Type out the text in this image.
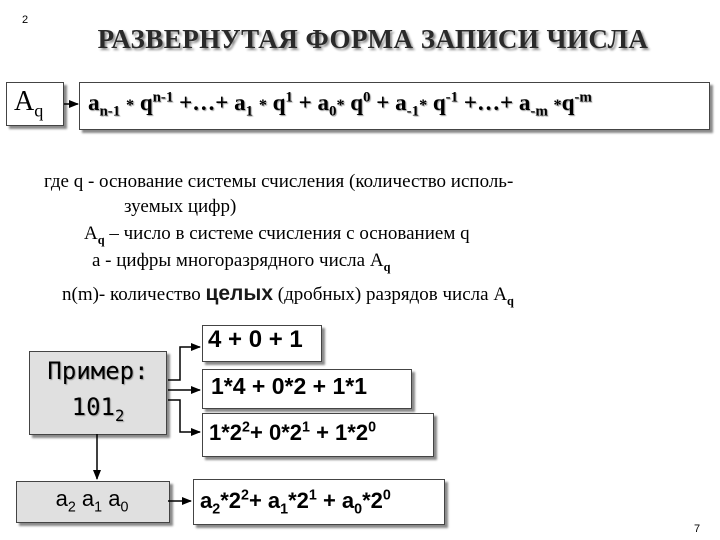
2
РАЗВЕРНУТАЯ ФОРМА ЗАПИСИ ЧИСЛА
$A_q$ $a_{n-1} * q^{n-1}$ +…+ $a_1 * q^1 + a_0*$ $q^0 + a_{-1}*$ $q^{-1}$ +…+ $a_{-m}$ $*q^{-m}$
где q - основание системы счисления (количество исполь-
зуемых цифр)
$A_q$ – число в системе счисления с основанием q
a - цифры многоразрядного числа $A_q$
n(m)- количество целых (дробных) разрядов числа $A_q$
Пример:
$101_2$
$a_2$ $a_1$ $a_0$
4 + 0 + 1
1*4 + 0*2 + 1*1
$1*2^2+ 0*2^1 + 1*2^0$
$a_2*2^2+ a_1*2^1 + a_0*2^0$
7
